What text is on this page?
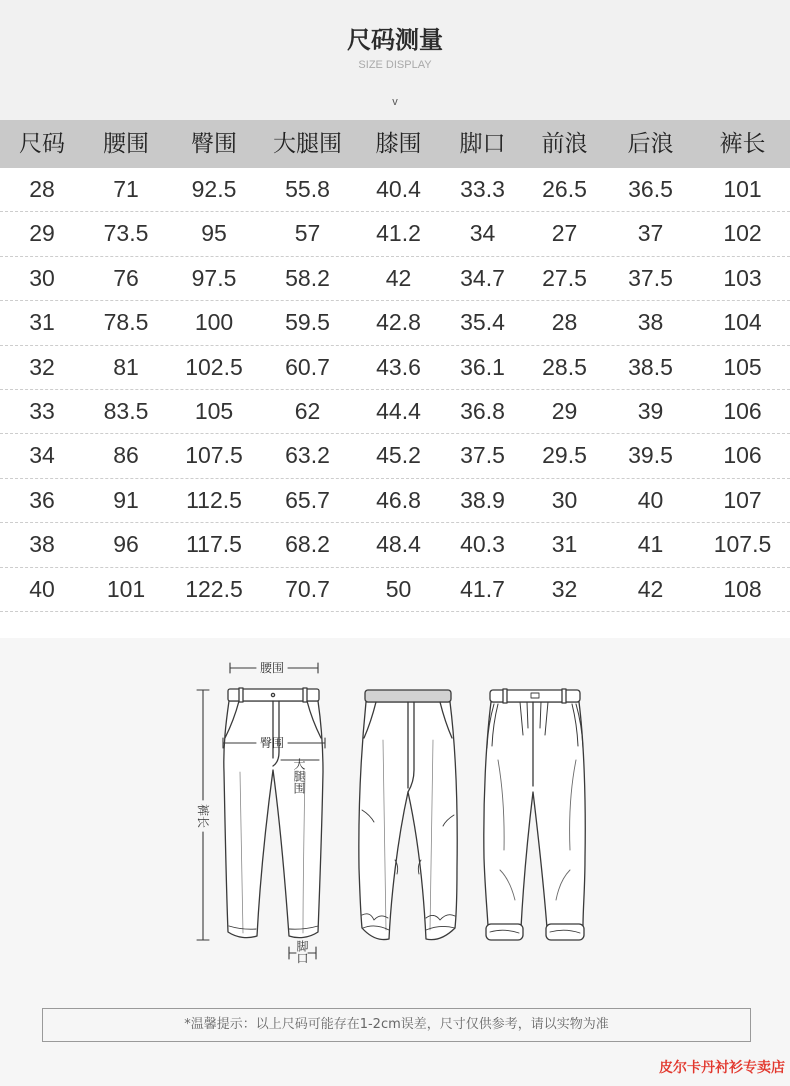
尺码测量
SIZE DISPLAY
v
尺码	腰围	臀围	大腿围	膝围	脚口	前浪	后浪	裤长
28	71	92.5	55.8	40.4	33.3	26.5	36.5	101
29	73.5	95	57	41.2	34	27	37	102
30	76	97.5	58.2	42	34.7	27.5	37.5	103
31	78.5	100	59.5	42.8	35.4	28	38	104
32	81	102.5	60.7	43.6	36.1	28.5	38.5	105
33	83.5	105	62	44.4	36.8	29	39	106
34	86	107.5	63.2	45.2	37.5	29.5	39.5	106
36	91	112.5	65.7	46.8	38.9	30	40	107
38	96	117.5	68.2	48.4	40.3	31	41	107.5
40	101	122.5	70.7	50	41.7	32	42	108
腰围
臀围
大腿围
裤长
脚口
*温馨提示：以上尺码可能存在1-2cm误差，尺寸仅供参考，请以实物为准
皮尔卡丹衬衫专卖店
